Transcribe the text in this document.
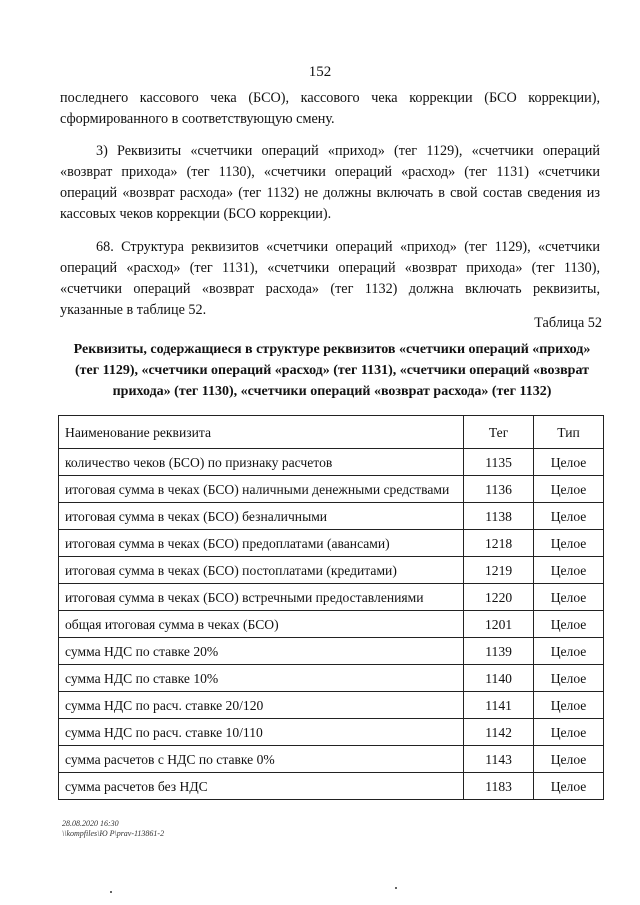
152

последнего кассового чека (БСО), кассового чека коррекции (БСО коррекции), сформированного в соответствующую смену.

3) Реквизиты «счетчики операций «приход» (тег 1129), «счетчики операций «возврат прихода» (тег 1130), «счетчики операций «расход» (тег 1131) «счетчики операций «возврат расхода» (тег 1132) не должны включать в свой состав сведения из кассовых чеков коррекции (БСО коррекции).

68. Структура реквизитов «счетчики операций «приход» (тег 1129), «счетчики операций «расход» (тег 1131), «счетчики операций «возврат прихода» (тег 1130), «счетчики операций «возврат расхода» (тег 1132) должна включать реквизиты, указанные в таблице 52.

Таблица 52
Реквизиты, содержащиеся в структуре реквизитов «счетчики операций «приход» (тег 1129), «счетчики операций «расход» (тег 1131), «счетчики операций «возврат прихода» (тег 1130), «счетчики операций «возврат расхода» (тег 1132)
Наименование реквизита	Тег	Тип
количество чеков (БСО) по признаку расчетов	1135	Целое
итоговая сумма в чеках (БСО) наличными денежными средствами	1136	Целое
итоговая сумма в чеках (БСО) безналичными	1138	Целое
итоговая сумма в чеках (БСО) предоплатами (авансами)	1218	Целое
итоговая сумма в чеках (БСО) постоплатами (кредитами)	1219	Целое
итоговая сумма в чеках (БСО) встречными предоставлениями	1220	Целое
общая итоговая сумма в чеках (БСО)	1201	Целое
сумма НДС по ставке 20%	1139	Целое
сумма НДС по ставке 10%	1140	Целое
сумма НДС по расч. ставке 20/120	1141	Целое
сумма НДС по расч. ставке 10/110	1142	Целое
сумма расчетов с НДС по ставке 0%	1143	Целое
сумма расчетов без НДС	1183	Целое
28.08.2020 16:30
\\kompfiles\Ю Р\prav-113861-2
